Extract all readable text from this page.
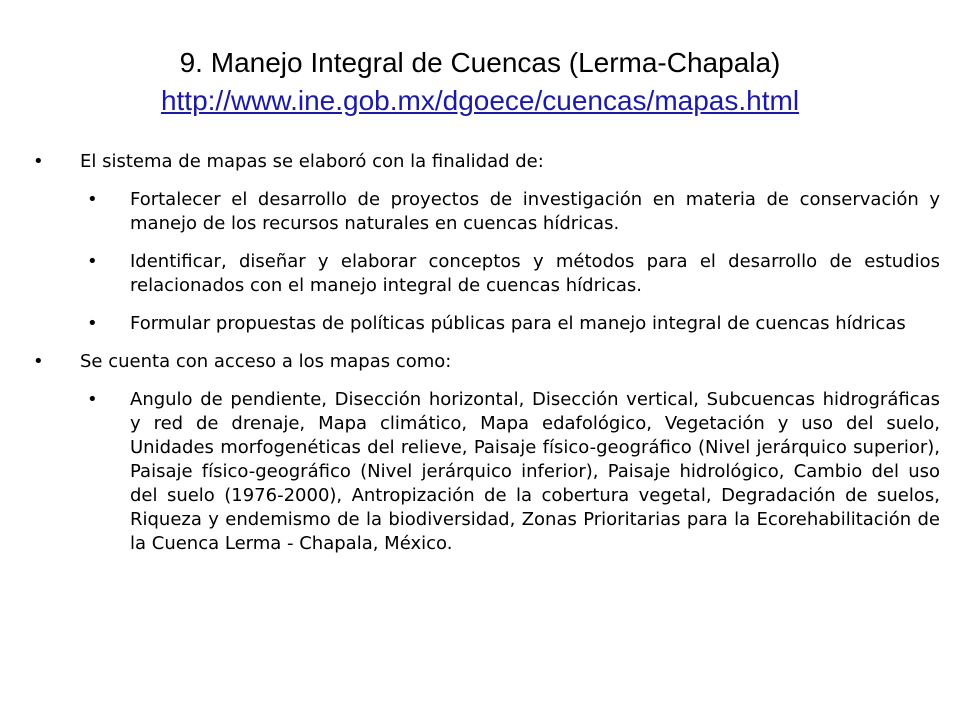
9. Manejo Integral de Cuencas (Lerma-Chapala)
http://www.ine.gob.mx/dgoece/cuencas/mapas.html
• El sistema de mapas se elaboró con la finalidad de:
• Fortalecer el desarrollo de proyectos de investigación en materia de conservación y manejo de los recursos naturales en cuencas hídricas.
• Identificar, diseñar y elaborar conceptos y métodos para el desarrollo de estudios relacionados con el manejo integral de cuencas hídricas.
• Formular propuestas de políticas públicas para el manejo integral de cuencas hídricas
• Se cuenta con acceso a los mapas como:
• Angulo de pendiente, Disección horizontal, Disección vertical, Subcuencas hidrográficas y red de drenaje, Mapa climático, Mapa edafológico, Vegetación y uso del suelo, Unidades morfogenéticas del relieve, Paisaje físico-geográfico (Nivel jerárquico superior), Paisaje físico-geográfico (Nivel jerárquico inferior), Paisaje hidrológico, Cambio del uso del suelo (1976-2000), Antropización de la cobertura vegetal, Degradación de suelos, Riqueza y endemismo de la biodiversidad, Zonas Prioritarias para la Ecorehabilitación de la Cuenca Lerma - Chapala, México.
